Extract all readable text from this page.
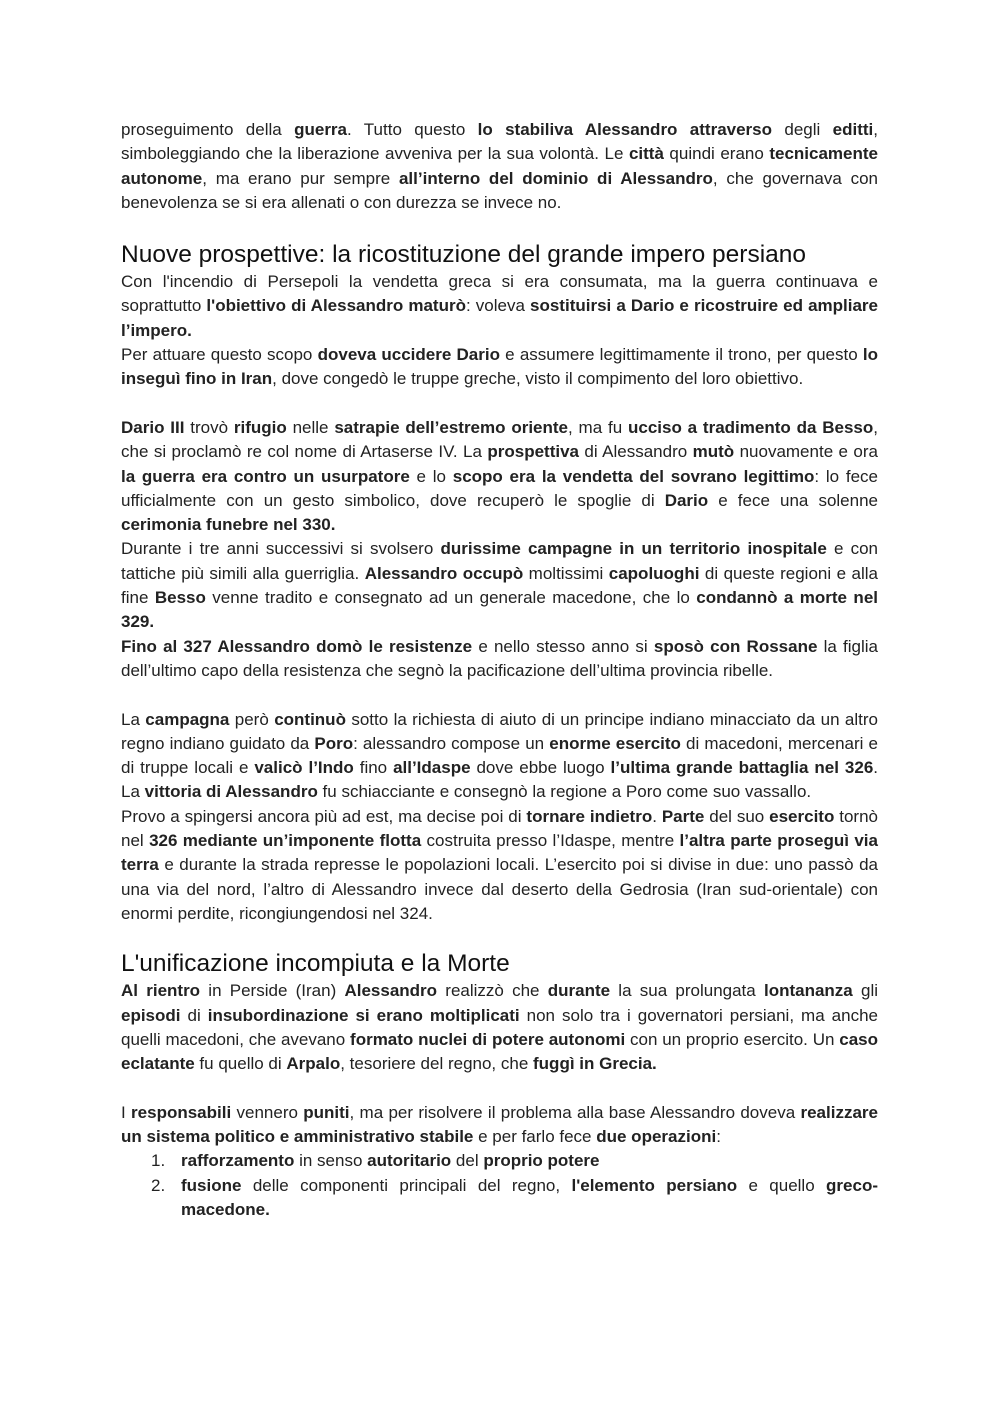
proseguimento della guerra. Tutto questo lo stabiliva Alessandro attraverso degli editti, simboleggiando che la liberazione avveniva per la sua volontà. Le città quindi erano tecnicamente autonome, ma erano pur sempre all’interno del dominio di Alessandro, che governava con benevolenza se si era allenati o con durezza se invece no.

Nuove prospettive: la ricostituzione del grande impero persiano

Con l'incendio di Persepoli la vendetta greca si era consumata, ma la guerra continuava e soprattutto l'obiettivo di Alessandro maturò: voleva sostituirsi a Dario e ricostruire ed ampliare l’impero.

Per attuare questo scopo doveva uccidere Dario e assumere legittimamente il trono, per questo lo inseguì fino in Iran, dove congedò le truppe greche, visto il compimento del loro obiettivo.

Dario III trovò rifugio nelle satrapie dell’estremo oriente, ma fu ucciso a tradimento da Besso, che si proclamò re col nome di Artaserse IV. La prospettiva di Alessandro mutò nuovamente e ora la guerra era contro un usurpatore e lo scopo era la vendetta del sovrano legittimo: lo fece ufficialmente con un gesto simbolico, dove recuperò le spoglie di Dario e fece una solenne cerimonia funebre nel 330.

Durante i tre anni successivi si svolsero durissime campagne in un territorio inospitale e con tattiche più simili alla guerriglia. Alessandro occupò moltissimi capoluoghi di queste regioni e alla fine Besso venne tradito e consegnato ad un generale macedone, che lo condannò a morte nel 329.

Fino al 327 Alessandro domò le resistenze e nello stesso anno si sposò con Rossane la figlia dell’ultimo capo della resistenza che segnò la pacificazione dell’ultima provincia ribelle.

La campagna però continuò sotto la richiesta di aiuto di un principe indiano minacciato da un altro regno indiano guidato da Poro: alessandro compose un enorme esercito di macedoni, mercenari e di truppe locali e valicò l’Indo fino all’Idaspe dove ebbe luogo l’ultima grande battaglia nel 326. La vittoria di Alessandro fu schiacciante e consegnò la regione a Poro come suo vassallo.

Provo a spingersi ancora più ad est, ma decise poi di tornare indietro. Parte del suo esercito tornò nel 326 mediante un’imponente flotta costruita presso l’Idaspe, mentre l’altra parte proseguì via terra e durante la strada represse le popolazioni locali. L’esercito poi si divise in due: uno passò da una via del nord, l’altro di Alessandro invece dal deserto della Gedrosia (Iran sud-orientale) con enormi perdite, ricongiungendosi nel 324.

L'unificazione incompiuta e la Morte

Al rientro in Perside (Iran) Alessandro realizzò che durante la sua prolungata lontananza gli episodi di insubordinazione si erano moltiplicati non solo tra i governatori persiani, ma anche quelli macedoni, che avevano formato nuclei di potere autonomi con un proprio esercito. Un caso eclatante fu quello di Arpalo, tesoriere del regno, che fuggì in Grecia.

I responsabili vennero puniti, ma per risolvere il problema alla base Alessandro doveva realizzare un sistema politico e amministrativo stabile e per farlo fece due operazioni:

1. rafforzamento in senso autoritario del proprio potere
2. fusione delle componenti principali del regno, l'elemento persiano e quello greco-macedone.
